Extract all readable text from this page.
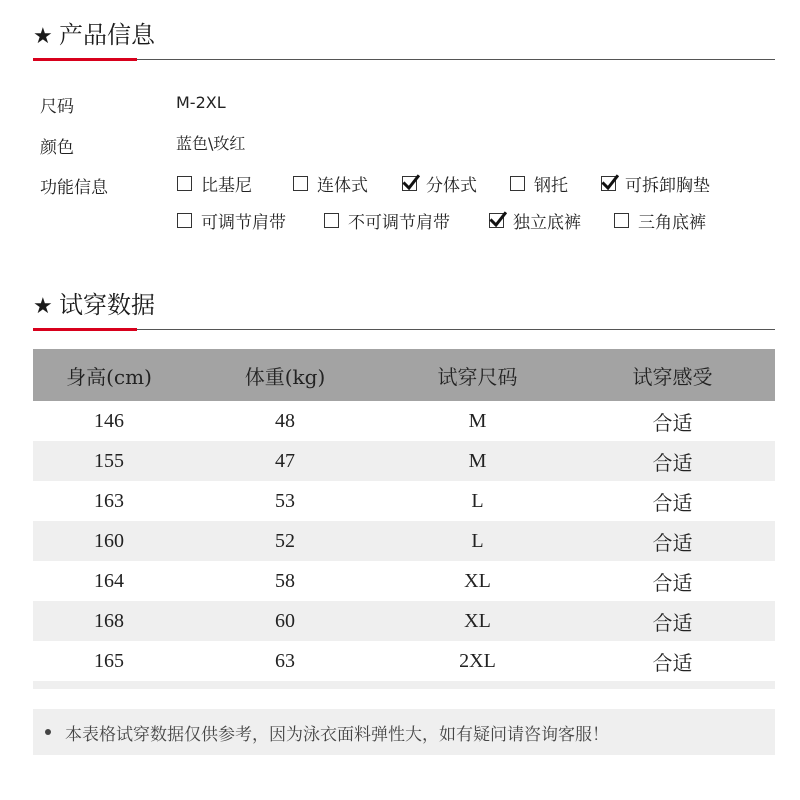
★ 产品信息
尺码	M-2XL
颜色	蓝色\玫红
功能信息	比基尼	连体式	分体式	钢托	可拆卸胸垫
可调节肩带	不可调节肩带	独立底裤	三角底裤
★ 试穿数据
身高(cm)	体重(kg)	试穿尺码	试穿感受
146	48	M	合适
155	47	M	合适
163	53	L	合适
160	52	L	合适
164	58	XL	合适
168	60	XL	合适
165	63	2XL	合适
本表格试穿数据仅供参考，因为泳衣面料弹性大，如有疑问请咨询客服！
